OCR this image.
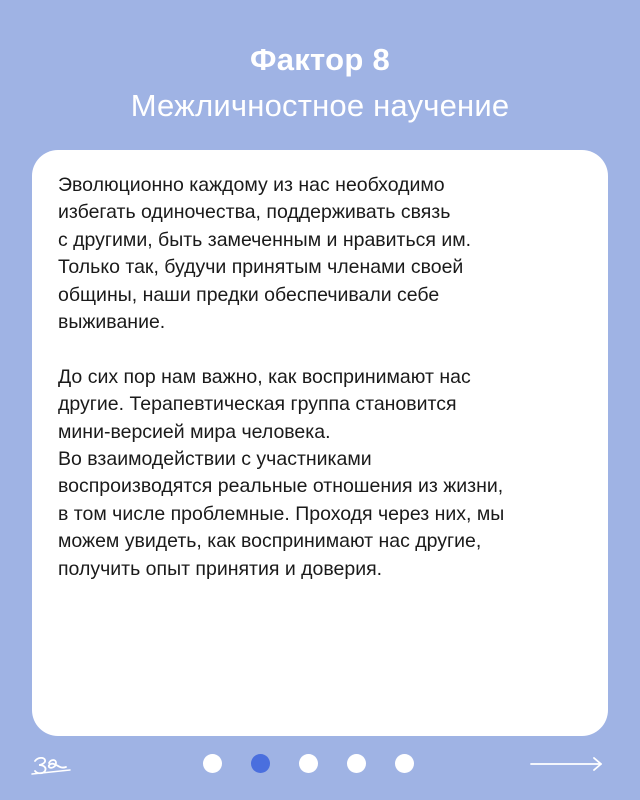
Фактор 8
Межличностное научение

Эволюционно каждому из нас необходимо
избегать одиночества, поддерживать связь
с другими, быть замеченным и нравиться им.
Только так, будучи принятым членами своей
общины, наши предки обеспечивали себе
выживание.

До сих пор нам важно, как воспринимают нас
другие. Терапевтическая группа становится
мини-версией мира человека.
Во взаимодействии с участниками
воспроизводятся реальные отношения из жизни,
в том числе проблемные. Проходя через них, мы
можем увидеть, как воспринимают нас другие,
получить опыт принятия и доверия.
